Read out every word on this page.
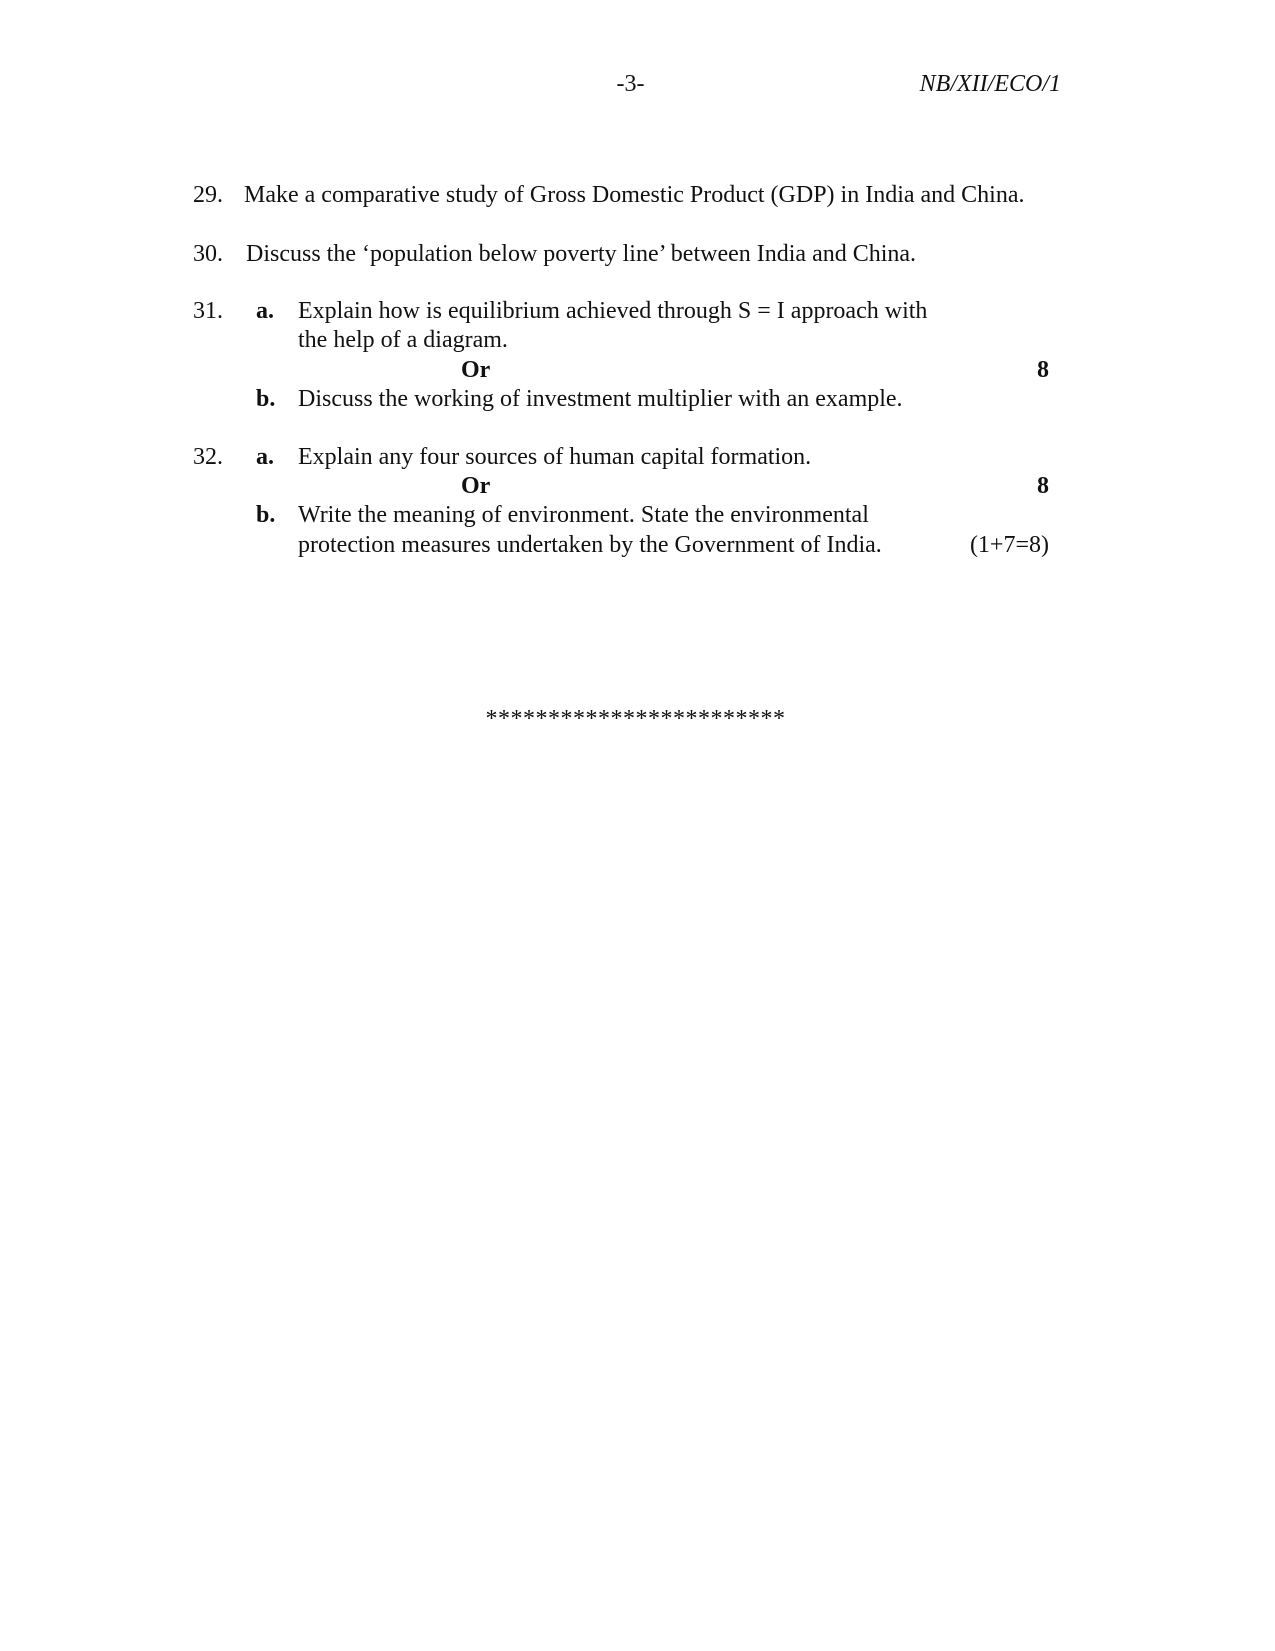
-3-	NB/XII/ECO/1
29. Make a comparative study of Gross Domestic Product (GDP) in India and China.
30. Discuss the ‘population below poverty line’ between India and China.
31. a. Explain how is equilibrium achieved through S = I approach with
the help of a diagram.
Or	8
b. Discuss the working of investment multiplier with an example.
32. a. Explain any four sources of human capital formation.
Or	8
b. Write the meaning of environment. State the environmental
protection measures undertaken by the Government of India.	(1+7=8)
************************
